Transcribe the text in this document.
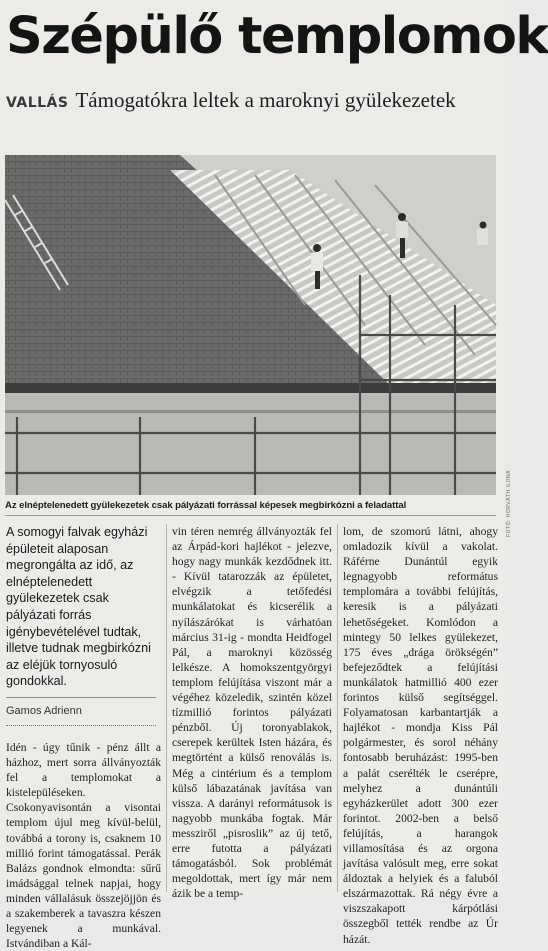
Szépülő templomok
VALLÁS Támogatókra leltek a maroknyi gyülekezetek
FOTÓ: HORVÁTH ILONA
Az elnéptelenedett gyülekezetek csak pályázati forrással képesek megbirkózni a feladattal

A somogyi falvak egyházi épületeit alaposan megrongálta az idő, az elnéptelenedett gyülekezetek csak pályázati forrás igénybevételével tudtak, illetve tudnak megbirkózni az eléjük tornyosuló gondokkal.

Gamos Adrienn

Idén - úgy tűnik - pénz állt a házhoz, mert sorra állványozták fel a templomokat a kistelepüléseken. Csokonyavisontán a visontai templom újul meg kívül-belül, továbbá a torony is, csaknem 10 millió forint támogatással. Perák Balázs gondnok elmondta: sűrű imádsággal telnek napjai, hogy minden vállalásuk összejöjjön és a szakemberek a tavaszra készen legyenek a munkával. Istvándiban a Kál-

vin téren nemrég állványozták fel az Árpád-kori hajlékot - jelezve, hogy nagy munkák kezdődnek itt. - Kívül tatarozzák az épületet, elvégzik a tetőfedési munkálatokat és kicserélik a nyílászárókat is várhatóan március 31-ig - mondta Heidfogel Pál, a maroknyi közösség lelkésze. A homokszentgyörgyi templom felújítása viszont már a végéhez közeledik, szintén közel tízmillió forintos pályázati pénzből. Új toronyablakok, cserepek kerültek Isten házára, és megtörtént a külső renoválás is. Még a cintérium és a templom külső lábazatának javítása van vissza. A darányi reformátusok is nagyobb munkába fogtak. Már messziről „pisroslik” az új tető, erre futotta a pályázati támogatásból. Sok problémát megoldottak, mert így már nem ázik be a temp-

lom, de szomorú látni, ahogy omladozik kívül a vakolat. Ráférne Dunántúl egyik legnagyobb református templomára a további felújítás, keresik is a pályázati lehetőségeket. Komlódon a mintegy 50 lelkes gyülekezet, 175 éves „drága örökségén” befejeződtek a felújítási munkálatok hatmillió 400 ezer forintos külső segítséggel. Folyamatosan karbantartják a hajlékot - mondja Kiss Pál polgármester, és sorol néhány fontosabb beruházást: 1995-ben a palát cserélték le cserépre, melyhez a dunántúli egyházkerület adott 300 ezer forintot. 2002-ben a belső felújítás, a harangok villamosítása és az orgona javítása valósult meg, erre sokat áldoztak a helyiek és a faluból elszármazottak. Rá négy évre a viszszakapott kárpótlási összegből tették rendbe az Úr házát.
